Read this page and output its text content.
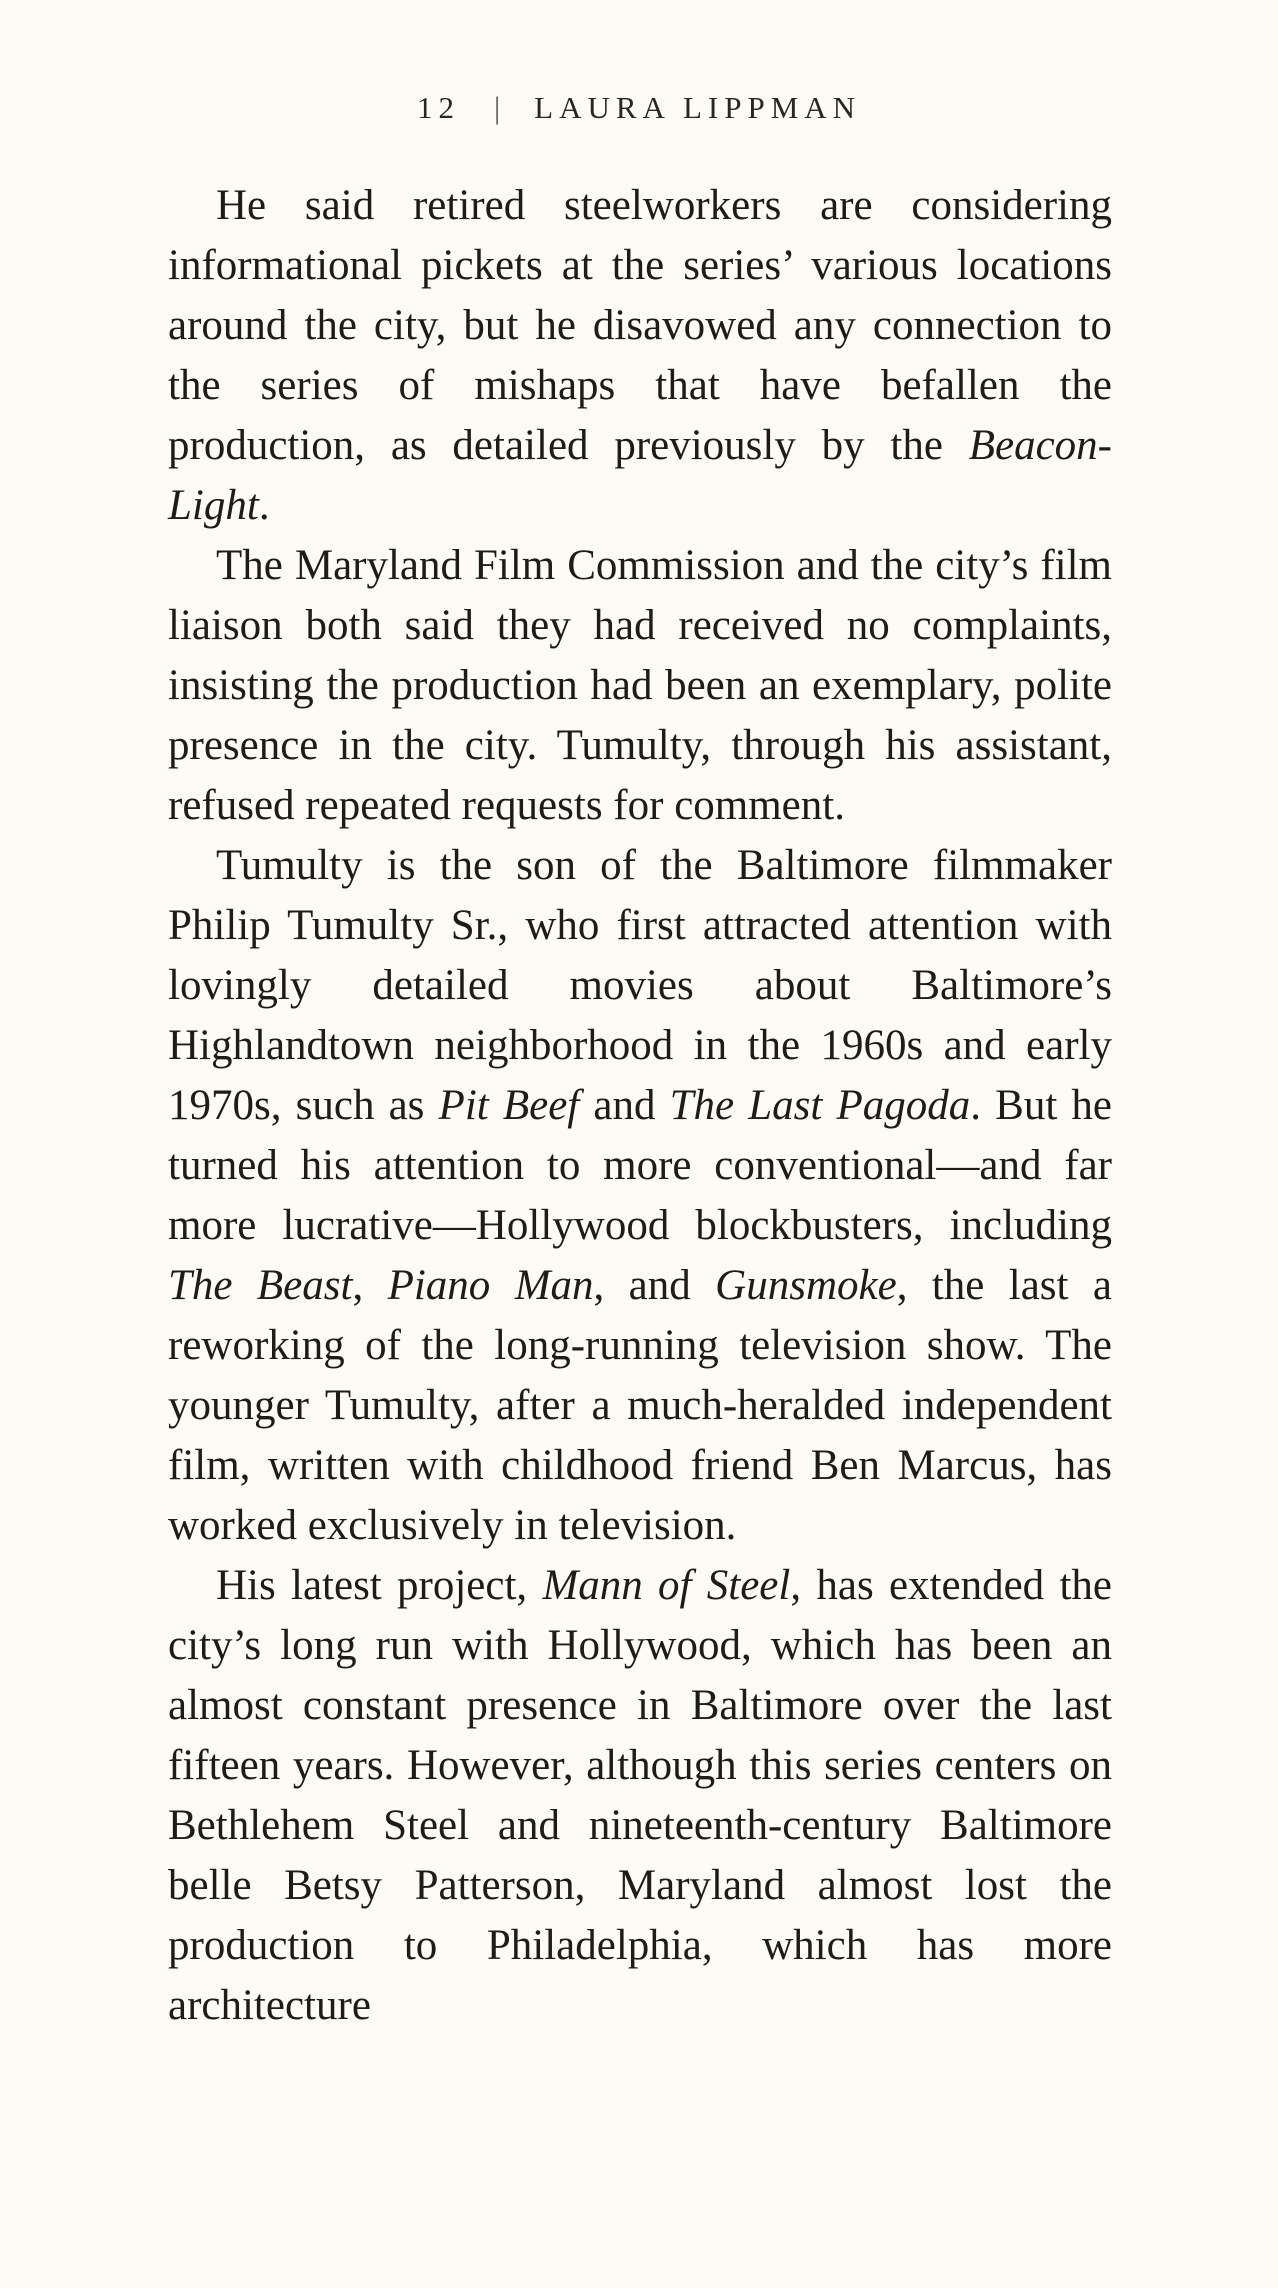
12 | LAURA LIPPMAN

He said retired steelworkers are considering informational pickets at the series’ various locations around the city, but he disavowed any connection to the series of mishaps that have befallen the production, as detailed previously by the Beacon-Light.

The Maryland Film Commission and the city’s film liaison both said they had received no complaints, insisting the production had been an exemplary, polite presence in the city. Tumulty, through his assistant, refused repeated requests for comment.

Tumulty is the son of the Baltimore filmmaker Philip Tumulty Sr., who first attracted attention with lovingly detailed movies about Baltimore’s Highlandtown neighborhood in the 1960s and early 1970s, such as Pit Beef and The Last Pagoda. But he turned his attention to more conventional—and far more lucrative—Hollywood blockbusters, including The Beast, Piano Man, and Gunsmoke, the last a reworking of the long-running television show. The younger Tumulty, after a much-heralded independent film, written with childhood friend Ben Marcus, has worked exclusively in television.

His latest project, Mann of Steel, has extended the city’s long run with Hollywood, which has been an almost constant presence in Baltimore over the last fifteen years. However, although this series centers on Bethlehem Steel and nineteenth-century Baltimore belle Betsy Patterson, Maryland almost lost the production to Philadelphia, which has more architecture
